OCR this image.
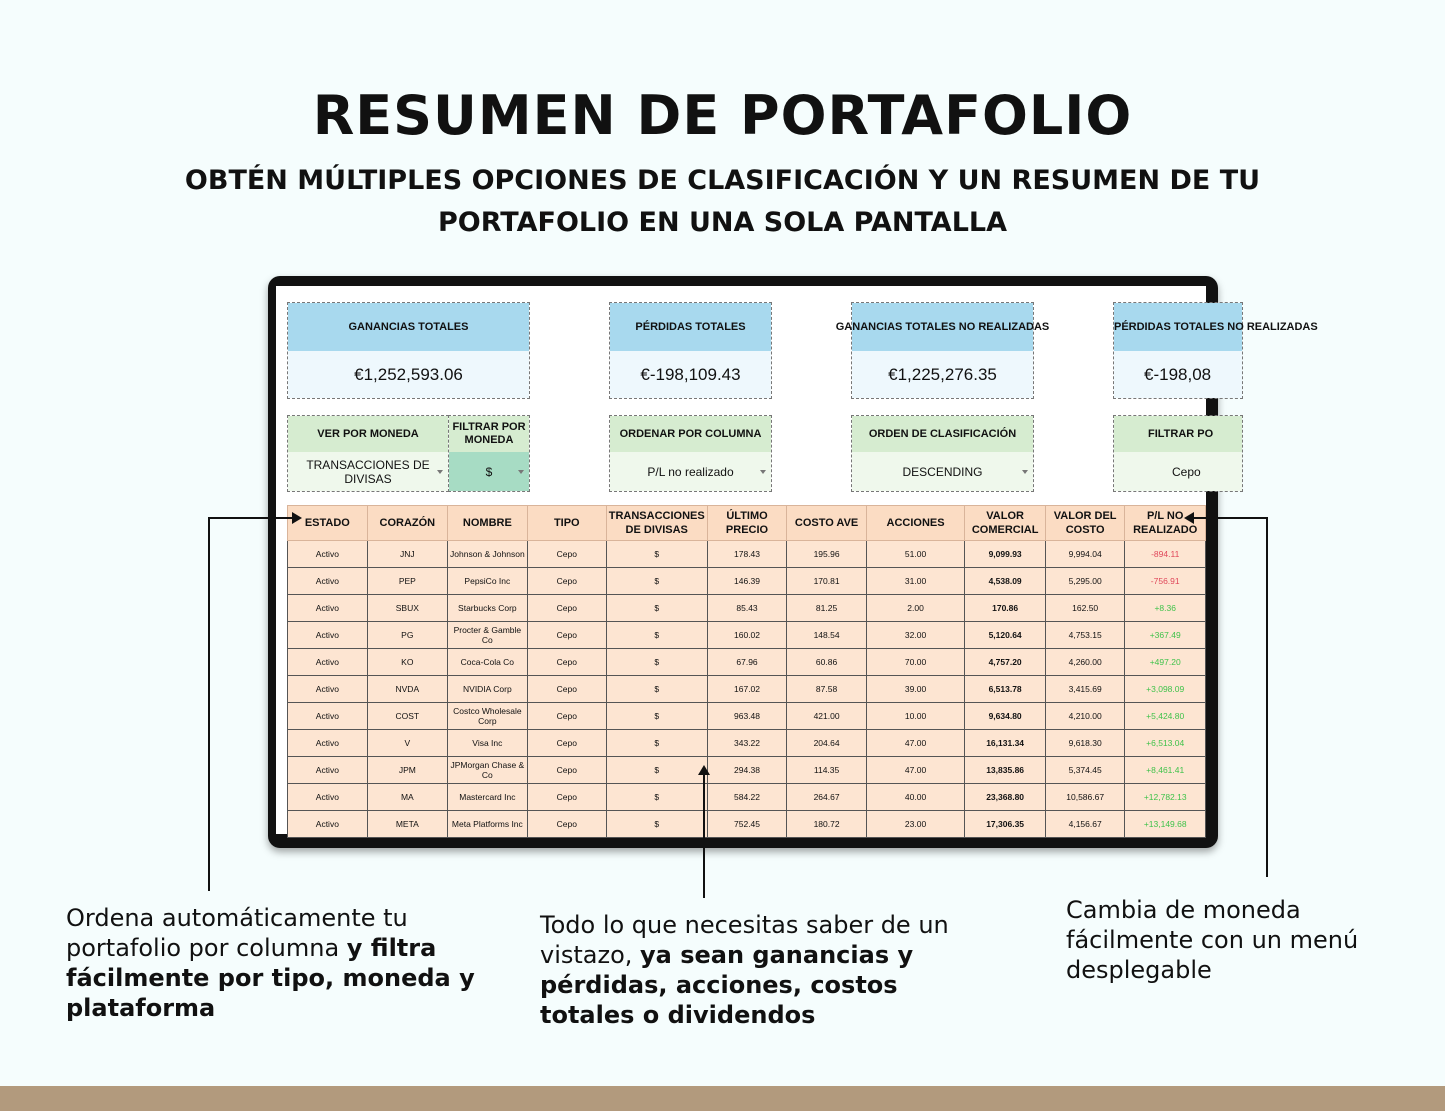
RESUMEN DE PORTAFOLIO
OBTÉN MÚLTIPLES OPCIONES DE CLASIFICACIÓN Y UN RESUMEN DE TU PORTAFOLIO EN UNA SOLA PANTALLA
GANANCIAS TOTALES
€1,252,593.06
PÉRDIDAS TOTALES
€-198,109.43
GANANCIAS TOTALES NO REALIZADAS
€1,225,276.35
PÉRDIDAS TOTALES NO REALIZADAS
€-198,08
VER POR MONEDA
TRANSACCIONES DE DIVISAS
FILTRAR POR MONEDA
$
ORDENAR POR COLUMNA
P/L no realizado
ORDEN DE CLASIFICACIÓN
DESCENDING
FILTRAR PO
Cepo
ESTADO	CORAZÓN	NOMBRE	TIPO	TRANSACCIONES DE DIVISAS	ÚLTIMO PRECIO	COSTO AVE	ACCIONES	VALOR COMERCIAL	VALOR DEL COSTO	P/L NO REALIZADO
Activo	JNJ	Johnson & Johnson	Cepo	$	178.43	195.96	51.00	9,099.93	9,994.04	-894.11
Activo	PEP	PepsiCo Inc	Cepo	$	146.39	170.81	31.00	4,538.09	5,295.00	-756.91
Activo	SBUX	Starbucks Corp	Cepo	$	85.43	81.25	2.00	170.86	162.50	+8.36
Activo	PG	Procter & Gamble Co	Cepo	$	160.02	148.54	32.00	5,120.64	4,753.15	+367.49
Activo	KO	Coca-Cola Co	Cepo	$	67.96	60.86	70.00	4,757.20	4,260.00	+497.20
Activo	NVDA	NVIDIA Corp	Cepo	$	167.02	87.58	39.00	6,513.78	3,415.69	+3,098.09
Activo	COST	Costco Wholesale Corp	Cepo	$	963.48	421.00	10.00	9,634.80	4,210.00	+5,424.80
Activo	V	Visa Inc	Cepo	$	343.22	204.64	47.00	16,131.34	9,618.30	+6,513.04
Activo	JPM	JPMorgan Chase & Co	Cepo	$	294.38	114.35	47.00	13,835.86	5,374.45	+8,461.41
Activo	MA	Mastercard Inc	Cepo	$	584.22	264.67	40.00	23,368.80	10,586.67	+12,782.13
Activo	META	Meta Platforms Inc	Cepo	$	752.45	180.72	23.00	17,306.35	4,156.67	+13,149.68
Ordena automáticamente tu portafolio por columna y filtra fácilmente por tipo, moneda y plataforma
Todo lo que necesitas saber de un vistazo, ya sean ganancias y pérdidas, acciones, costos totales o dividendos
Cambia de moneda fácilmente con un menú desplegable
